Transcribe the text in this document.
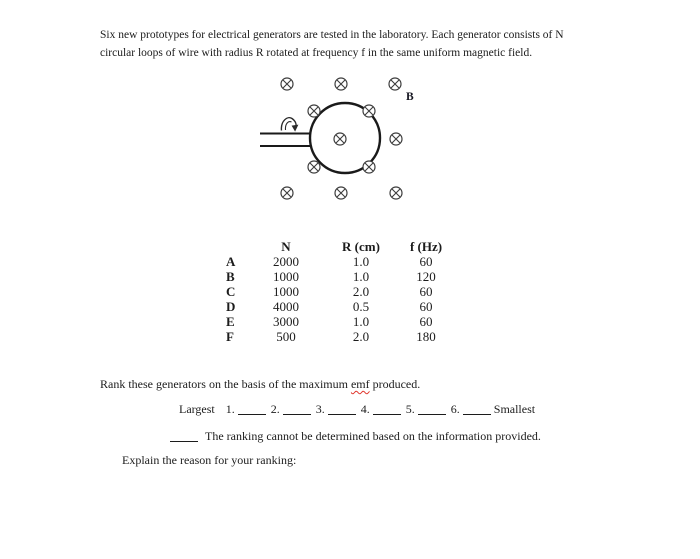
Six new prototypes for electrical generators are tested in the laboratory. Each generator consists of N
circular loops of wire with radius R rotated at frequency f in the same uniform magnetic field.
B
	N	R (cm)	f (Hz)
A	2000	1.0	60
B	1000	1.0	120
C	1000	2.0	60
D	4000	0.5	60
E	3000	1.0	60
F	500	2.0	180
Rank these generators on the basis of the maximum emf produced.
Largest 1.	2.	3.	4.	5.	6.	Smallest
The ranking cannot be determined based on the information provided.
Explain the reason for your ranking:
